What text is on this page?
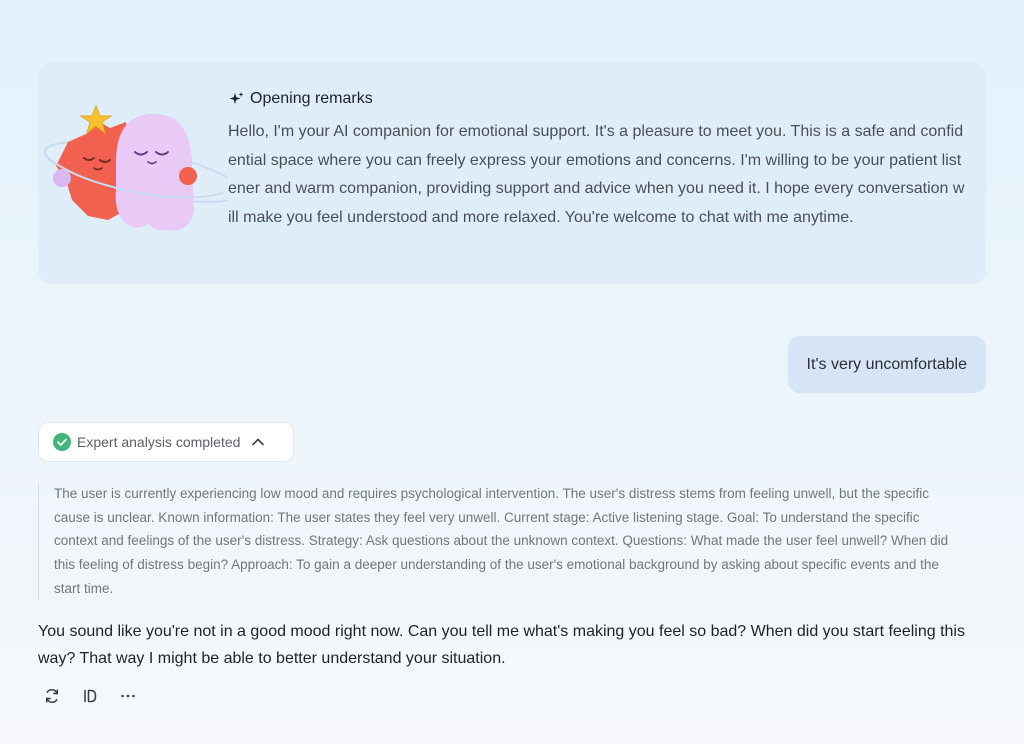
Opening remarks
Hello, I'm your AI companion for emotional support. It's a pleasure to meet you. This is a safe and confidential space where you can freely express your emotions and concerns. I'm willing to be your patient listener and warm companion, providing support and advice when you need it. I hope every conversation will make you feel understood and more relaxed. You're welcome to chat with me anytime.
It's very uncomfortable
Expert analysis completed
The user is currently experiencing low mood and requires psychological intervention. The user's distress stems from feeling unwell, but the specific cause is unclear. Known information: The user states they feel very unwell. Current stage: Active listening stage. Goal: To understand the specific context and feelings of the user's distress. Strategy: Ask questions about the unknown context. Questions: What made the user feel unwell? When did this feeling of distress begin? Approach: To gain a deeper understanding of the user's emotional background by asking about specific events and the start time.
You sound like you're not in a good mood right now. Can you tell me what's making you feel so bad? When did you start feeling this way? That way I might be able to better understand your situation.
